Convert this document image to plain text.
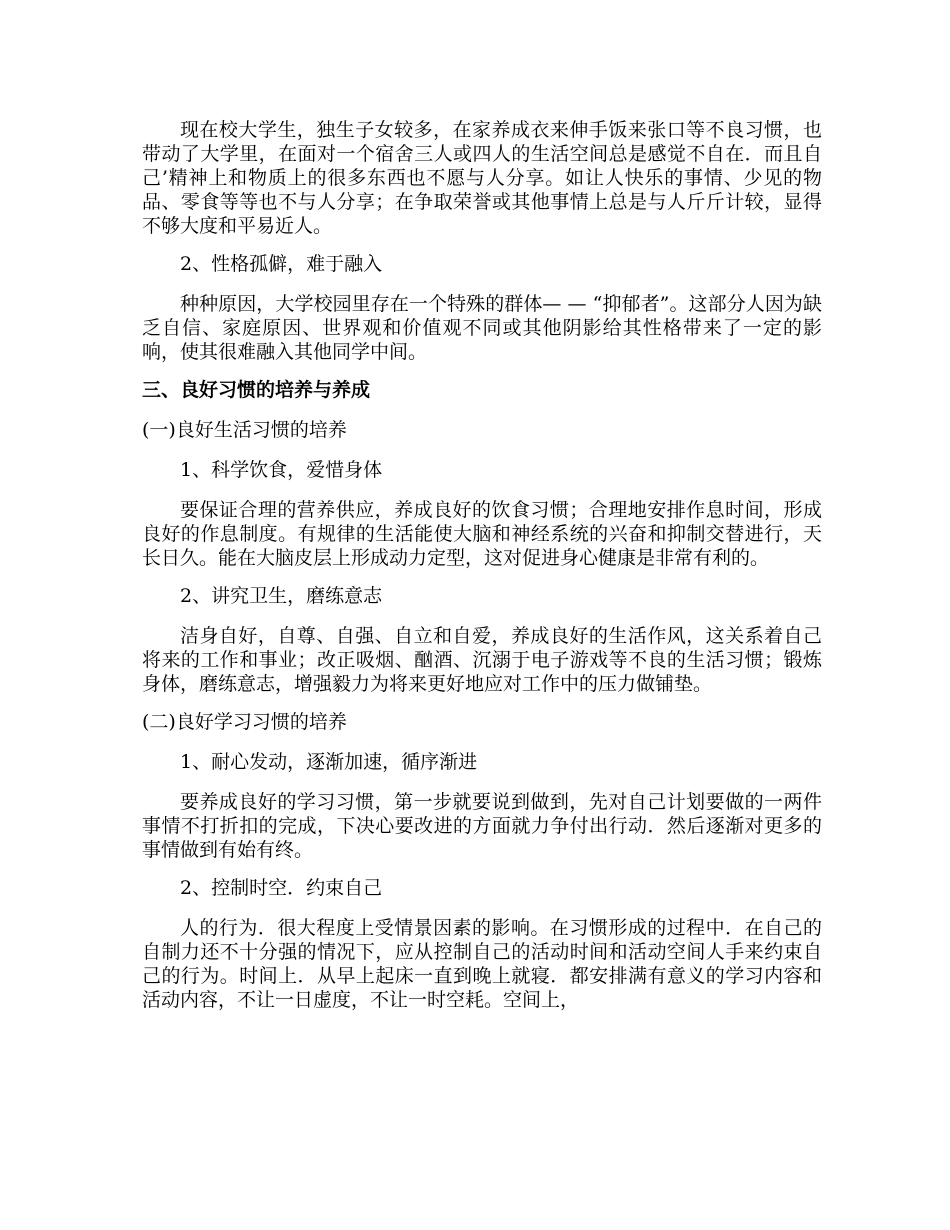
现在校大学生，独生子女较多，在家养成衣来伸手饭来张口等不良习惯，也带动了大学里，在面对一个宿舍三人或四人的生活空间总是感觉不自在．而且自己’精神上和物质上的很多东西也不愿与人分享。如让人快乐的事情、少见的物品、零食等等也不与人分享；在争取荣誉或其他事情上总是与人斤斤计较，显得不够大度和平易近人。

2、性格孤僻，难于融入

种种原因，大学校园里存在一个特殊的群体— — “抑郁者”。这部分人因为缺乏自信、家庭原因、世界观和价值观不同或其他阴影给其性格带来了一定的影响，使其很难融入其他同学中间。

三、良好习惯的培养与养成

(一)良好生活习惯的培养

1、科学饮食，爱惜身体

要保证合理的营养供应，养成良好的饮食习惯；合理地安排作息时间，形成良好的作息制度。有规律的生活能使大脑和神经系统的兴奋和抑制交替进行，天长日久。能在大脑皮层上形成动力定型，这对促进身心健康是非常有利的。

2、讲究卫生，磨练意志

洁身自好，自尊、自强、自立和自爱，养成良好的生活作风，这关系着自己将来的工作和事业；改正吸烟、酗酒、沉溺于电子游戏等不良的生活习惯；锻炼身体，磨练意志，增强毅力为将来更好地应对工作中的压力做铺垫。

(二)良好学习习惯的培养

1、耐心发动，逐渐加速，循序渐进

要养成良好的学习习惯，第一步就要说到做到，先对自己计划要做的一两件事情不打折扣的完成，下决心要改进的方面就力争付出行动．然后逐渐对更多的事情做到有始有终。

2、控制时空．约束自己

人的行为．很大程度上受情景因素的影响。在习惯形成的过程中．在自己的自制力还不十分强的情况下，应从控制自己的活动时间和活动空间人手来约束自己的行为。时间上．从早上起床一直到晚上就寝．都安排满有意义的学习内容和活动内容，不让一日虚度，不让一时空耗。空间上，
